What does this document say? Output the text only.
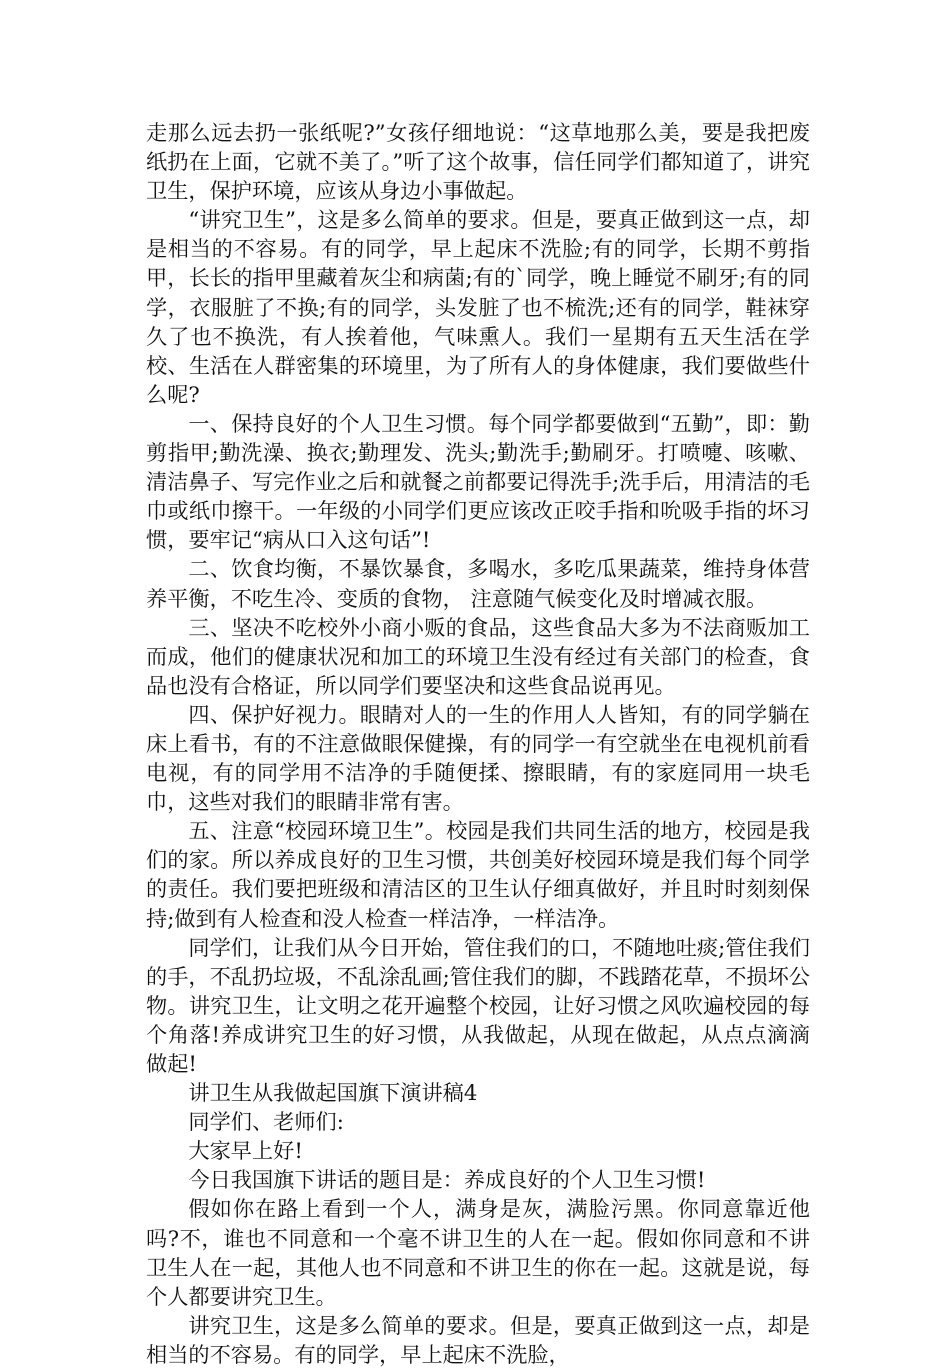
走那么远去扔一张纸呢?”女孩仔细地说：“这草地那么美，要是我把废纸扔在上面，它就不美了。”听了这个故事，信任同学们都知道了，讲究卫生，保护环境，应该从身边小事做起。

“讲究卫生”，这是多么简单的要求。但是，要真正做到这一点，却是相当的不容易。有的同学，早上起床不洗脸;有的同学，长期不剪指甲，长长的指甲里藏着灰尘和病菌;有的`同学，晚上睡觉不刷牙;有的同学，衣服脏了不换;有的同学，头发脏了也不梳洗;还有的同学，鞋袜穿久了也不换洗，有人挨着他，气味熏人。我们一星期有五天生活在学校、生活在人群密集的环境里，为了所有人的身体健康，我们要做些什么呢?

一、保持良好的个人卫生习惯。每个同学都要做到“五勤”，即：勤剪指甲;勤洗澡、换衣;勤理发、洗头;勤洗手;勤刷牙。打喷嚏、咳嗽、清洁鼻子、写完作业之后和就餐之前都要记得洗手;洗手后，用清洁的毛巾或纸巾擦干。一年级的小同学们更应该改正咬手指和吮吸手指的坏习惯，要牢记“病从口入这句话”!

二、饮食均衡，不暴饮暴食，多喝水，多吃瓜果蔬菜，维持身体营养平衡，不吃生冷、变质的食物， 注意随气候变化及时增减衣服。

三、坚决不吃校外小商小贩的食品，这些食品大多为不法商贩加工而成，他们的健康状况和加工的环境卫生没有经过有关部门的检查，食品也没有合格证，所以同学们要坚决和这些食品说再见。

四、保护好视力。眼睛对人的一生的作用人人皆知，有的同学躺在床上看书，有的不注意做眼保健操，有的同学一有空就坐在电视机前看电视，有的同学用不洁净的手随便揉、擦眼睛，有的家庭同用一块毛巾，这些对我们的眼睛非常有害。

五、注意“校园环境卫生”。校园是我们共同生活的地方，校园是我们的家。所以养成良好的卫生习惯，共创美好校园环境是我们每个同学的责任。我们要把班级和清洁区的卫生认仔细真做好，并且时时刻刻保持;做到有人检查和没人检查一样洁净，一样洁净。

同学们，让我们从今日开始，管住我们的口，不随地吐痰;管住我们的手，不乱扔垃圾，不乱涂乱画;管住我们的脚，不践踏花草，不损坏公物。讲究卫生，让文明之花开遍整个校园，让好习惯之风吹遍校园的每个角落!养成讲究卫生的好习惯，从我做起，从现在做起，从点点滴滴做起!

讲卫生从我做起国旗下演讲稿4

同学们、老师们:

大家早上好!

今日我国旗下讲话的题目是：养成良好的个人卫生习惯!

假如你在路上看到一个人，满身是灰，满脸污黑。你同意靠近他吗?不，谁也不同意和一个毫不讲卫生的人在一起。假如你同意和不讲卫生人在一起，其他人也不同意和不讲卫生的你在一起。这就是说，每个人都要讲究卫生。

讲究卫生，这是多么简单的要求。但是，要真正做到这一点，却是相当的不容易。有的同学，早上起床不洗脸，
